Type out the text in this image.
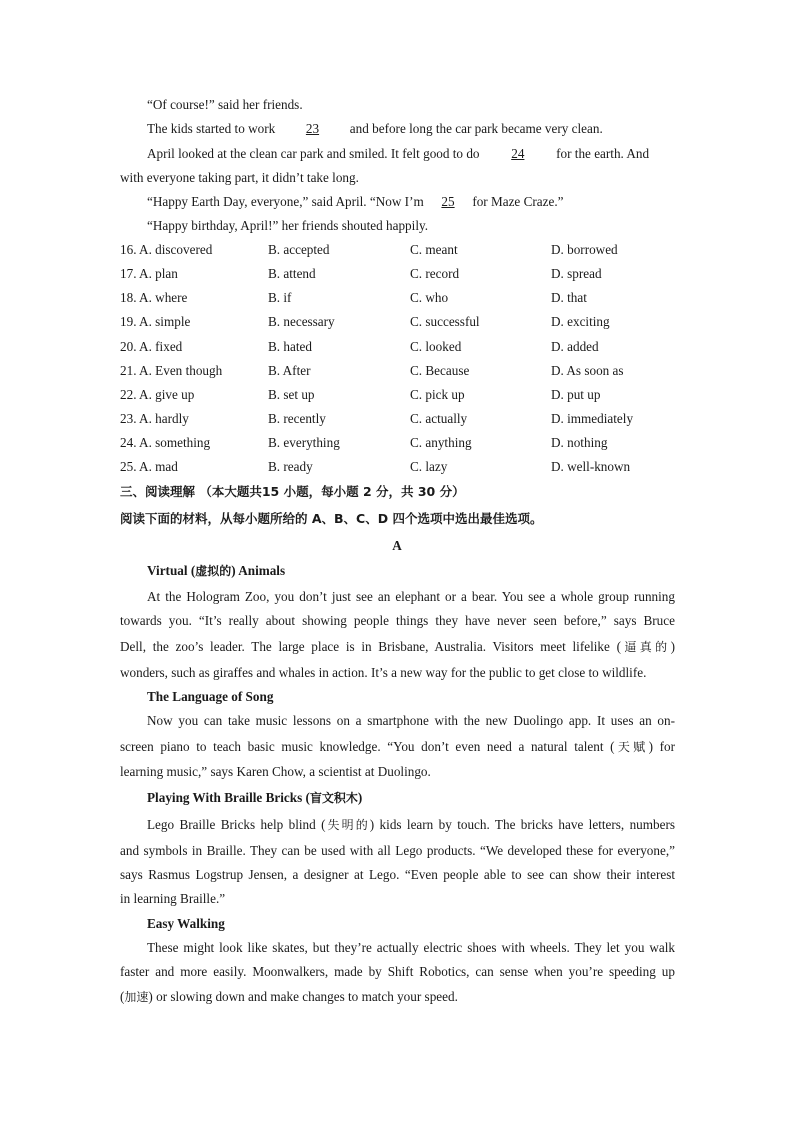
“Of course!” said her friends.
The kids started to work 23 and before long the car park became very clean.
April looked at the clean car park and smiled. It felt good to do 24 for the earth. And
with everyone taking part, it didn’t take long.
“Happy Earth Day, everyone,” said April. “Now I’m 25 for Maze Craze.”
“Happy birthday, April!” her friends shouted happily.
16. A. discovered	B. accepted	C. meant	D. borrowed
17. A. plan	B. attend	C. record	D. spread
18. A. where	B. if	C. who	D. that
19. A. simple	B. necessary	C. successful	D. exciting
20. A. fixed	B. hated	C. looked	D. added
21. A. Even though	B. After	C. Because	D. As soon as
22. A. give up	B. set up	C. pick up	D. put up
23. A. hardly	B. recently	C. actually	D. immediately
24. A. something	B. everything	C. anything	D. nothing
25. A. mad	B. ready	C. lazy	D. well-known
三、阅读理解 （本大题共15 小题，每小题 2 分，共 30 分）
阅读下面的材料，从每小题所给的 A、B、C、D 四个选项中选出最佳选项。
A
Virtual (虚拟的) Animals
At the Hologram Zoo, you don’t just see an elephant or a bear. You see a whole group running
towards you. “It’s really about showing people things they have never seen before,” says Bruce
Dell, the zoo’s leader. The large place is in Brisbane, Australia. Visitors meet lifelike (逼真的)
wonders, such as giraffes and whales in action. It’s a new way for the public to get close to wildlife.
The Language of Song
Now you can take music lessons on a smartphone with the new Duolingo app. It uses an on-
screen piano to teach basic music knowledge. “You don’t even need a natural talent (天赋) for
learning music,” says Karen Chow, a scientist at Duolingo.
Playing With Braille Bricks (盲文积木)
Lego Braille Bricks help blind (失明的) kids learn by touch. The bricks have letters, numbers
and symbols in Braille. They can be used with all Lego products. “We developed these for everyone,”
says Rasmus Logstrup Jensen, a designer at Lego. “Even people able to see can show their interest
in learning Braille.”
Easy Walking
These might look like skates, but they’re actually electric shoes with wheels. They let you walk
faster and more easily. Moonwalkers, made by Shift Robotics, can sense when you’re speeding up
(加速) or slowing down and make changes to match your speed.
